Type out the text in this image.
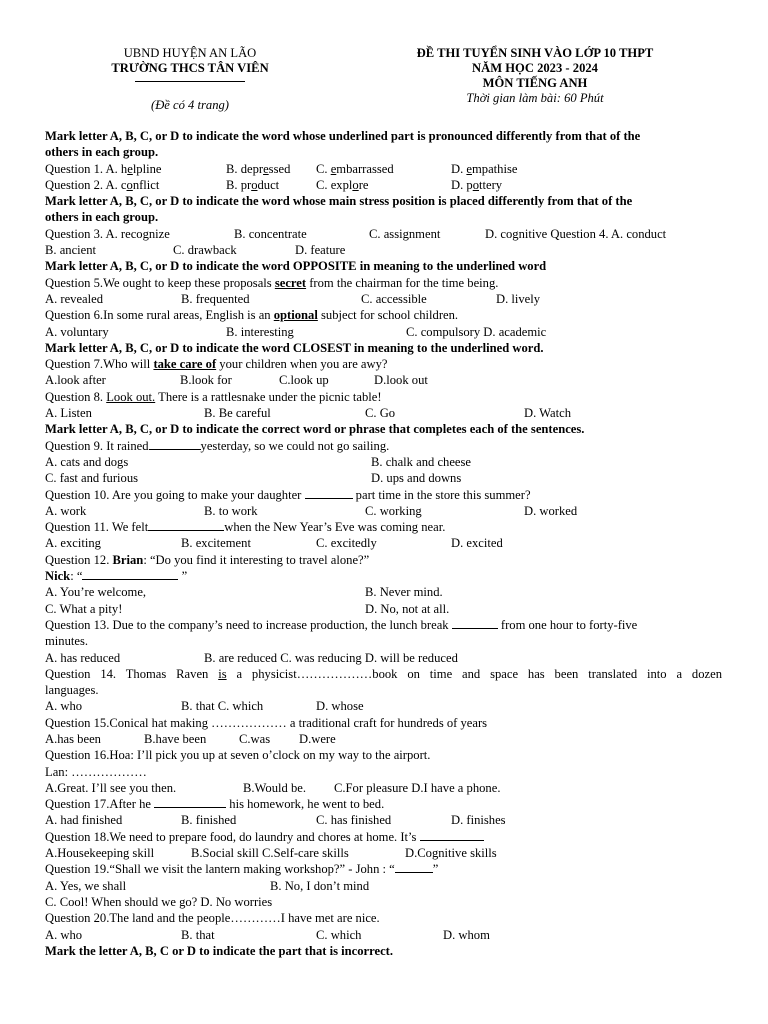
UBND HUYỆN AN LÃO
TRƯỜNG THCS TÂN VIÊN
(Đề có 4 trang)
ĐỀ THI TUYỂN SINH VÀO LỚP 10 THPT
NĂM HỌC 2023 - 2024
MÔN TIẾNG ANH
Thời gian làm bài: 60 Phút
Mark letter A, B, C, or D to indicate the word whose underlined part is pronounced differently from that of the
others in each group.
Question 1. A. helpline	B. depressed C. embarrassed	D. empathise
Question 2. A. conflict	B. product	C. explore	D. pottery
Mark letter A, B, C, or D to indicate the word whose main stress position is placed differently from that of the
others in each group.
Question 3. A. recognize	B. concentrate	C. assignment	D. cognitive Question 4. A. conduct
B. ancient	C. drawback	D. feature
Mark letter A, B, C, or D to indicate the word OPPOSITE in meaning to the underlined word
Question 5.We ought to keep these proposals secret from the chairman for the time being.
A. revealed	B. frequented	C. accessible	D. lively
Question 6.In some rural areas, English is an optional subject for school children.
A. voluntary	B. interesting	C. compulsory D. academic
Mark letter A, B, C, or D to indicate the word CLOSEST in meaning to the underlined word.
Question 7.Who will take care of your children when you are awy?
A.look after	B.look for	C.look up	D.look out
Question 8. Look out. There is a rattlesnake under the picnic table!
A. Listen	B. Be careful	C. Go	D. Watch
Mark letter A, B, C, or D to indicate the correct word or phrase that completes each of the sentences.
Question 9. It rained	yesterday, so we could not go sailing.
A. cats and dogs	B. chalk and cheese
C. fast and furious	D. ups and downs
Question 10. Are you going to make your daughter	part time in the store this summer?
A. work	B. to work	C. working	D. worked
Question 11. We felt	when the New Year’s Eve was coming near.
A. exciting	B. excitement	C. excitedly	D. excited
Question 12. Brian: “Do you find it interesting to travel alone?”
Nick: “	”
A. You’re welcome,	B. Never mind.
C. What a pity!	D. No, not at all.
Question 13. Due to the company’s need to increase production, the lunch break	from one hour to forty-five
minutes.
A. has reduced	B. are reduced C. was reducing D. will be reduced
Question 14. Thomas Raven is a physicist………………book on time and space has been translated into a dozen
languages.
A. who	B. that C. which	D. whose
Question 15.Conical hat making ……………… a traditional craft for hundreds of years
A.has been	B.have been	C.was D.were
Question 16.Hoa: I’ll pick you up at seven o’clock on my way to the airport.
Lan: ………………
A.Great. I’ll see you then.	B.Would be. C.For pleasure D.I have a phone.
Question 17.After he	his homework, he went to bed.
A. had finished	B. finished	C. has finished	D. finishes
Question 18.We need to prepare food, do laundry and chores at home. It’s
A.Housekeeping skill	B.Social skill C.Self-care skills	D.Cognitive skills
Question 19.“Shall we visit the lantern making workshop?” - John : “	”
A. Yes, we shall	B. No, I don’t mind
C. Cool! When should we go? D. No worries
Question 20.The land and the people…………I have met are nice.
A. who	B. that	C. which	D. whom
Mark the letter A, B, C or D to indicate the part that is incorrect.
